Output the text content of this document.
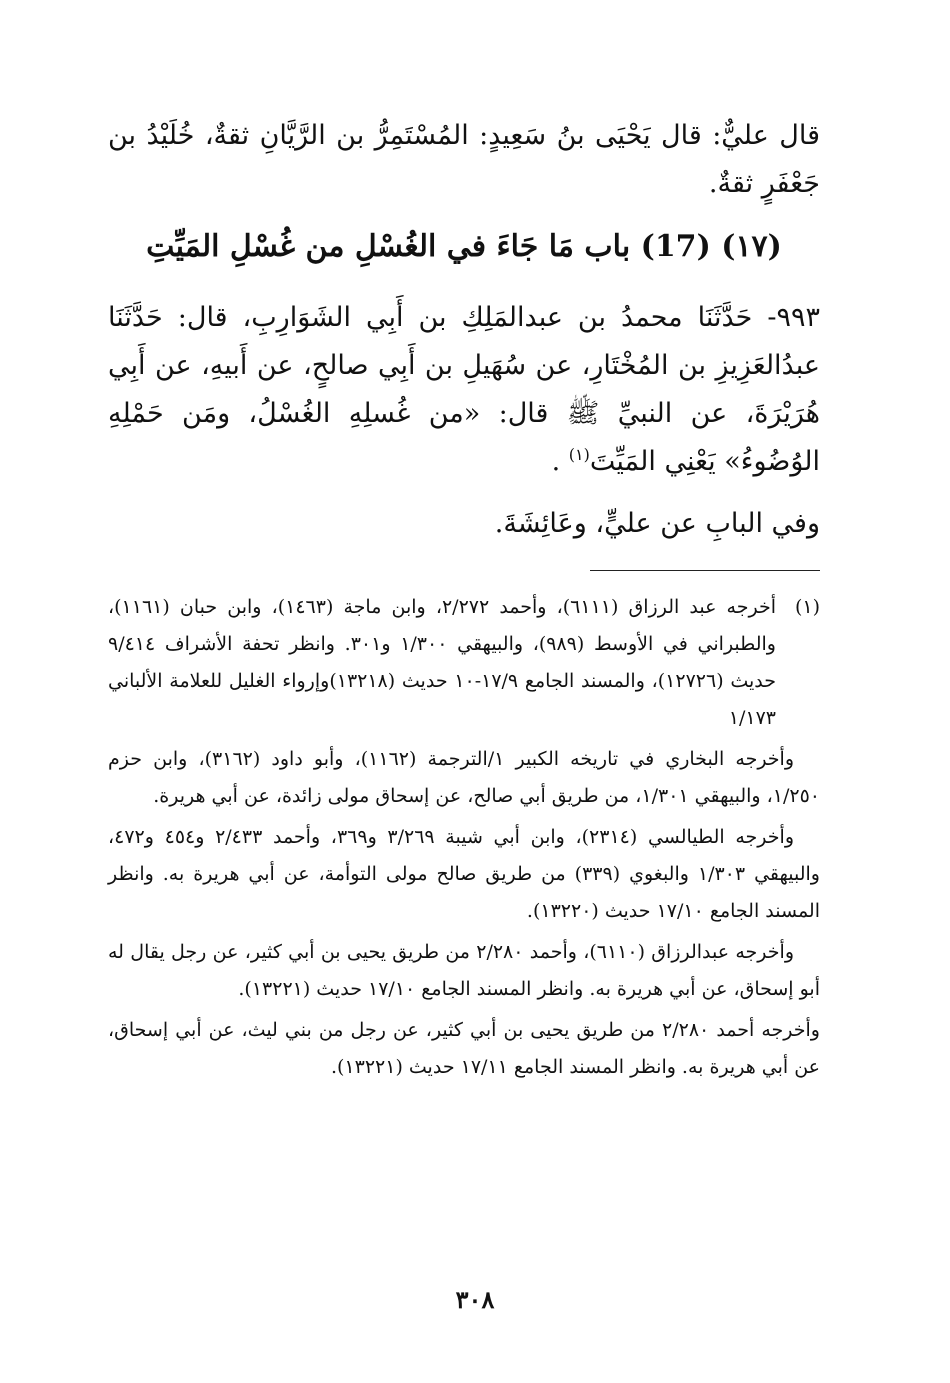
قال عليٌّ: قال يَحْيَى بنُ سَعِيدٍ: المُسْتَمِرُّ بن الرَّيَّانِ ثقةٌ، خُلَيْدُ بن جَعْفَرٍ ثقةٌ.

(١٧) (17) باب مَا جَاءَ في الغُسْلِ من غُسْلِ المَيِّتِ

٩٩٣- حَدَّثَنَا محمدُ بن عبدالمَلِكِ بن أَبِي الشَوَارِبِ، قال: حَدَّثَنَا عبدُالعَزِيزِ بن المُخْتَارِ، عن سُهَيلِ بن أَبِي صالحٍ، عن أَبيهِ، عن أَبِي هُرَيْرَةَ، عن النبيِّ ﷺ قال: «من غُسلِهِ الغُسْلُ، ومَن حَمْلِهِ الوُضُوءُ» يَعْنِي المَيِّتَ$^{(١)}$ .

وفي البابِ عن عليٍّ، وعَائِشَةَ.

(١)

أخرجه عبد الرزاق (٦١١١)، وأحمد ٢/٢٧٢، وابن ماجة (١٤٦٣)، وابن حبان (١١٦١)، والطبراني في الأوسط (٩٨٩)، والبيهقي ١/٣٠٠ و٣٠١. وانظر تحفة الأشراف ٩/٤١٤ حديث (١٢٧٢٦)، والمسند الجامع ١٧/٩-١٠ حديث (١٣٢١٨)وإرواء الغليل للعلامة الألباني ١/١٧٣

وأخرجه البخاري في تاريخه الكبير ١/الترجمة (١١٦٢)، وأبو داود (٣١٦٢)، وابن حزم ١/٢٥٠، والبيهقي ١/٣٠١، من طريق أبي صالح، عن إسحاق مولى زائدة، عن أبي هريرة.

وأخرجه الطيالسي (٢٣١٤)، وابن أبي شيبة ٣/٢٦٩ و٣٦٩، وأحمد ٢/٤٣٣ و٤٥٤ و٤٧٢، والبيهقي ١/٣٠٣ والبغوي (٣٣٩) من طريق صالح مولى التوأمة، عن أبي هريرة به. وانظر المسند الجامع ١٧/١٠ حديث (١٣٢٢٠).

وأخرجه عبدالرزاق (٦١١٠)، وأحمد ٢/٢٨٠ من طريق يحيى بن أبي كثير، عن رجل يقال له أبو إسحاق، عن أبي هريرة به. وانظر المسند الجامع ١٧/١٠ حديث (١٣٢٢١).

وأخرجه أحمد ٢/٢٨٠ من طريق يحيى بن أبي كثير، عن رجل من بني ليث، عن أبي إسحاق، عن أبي هريرة به. وانظر المسند الجامع ١٧/١١ حديث (١٣٢٢١).

٣٠٨
